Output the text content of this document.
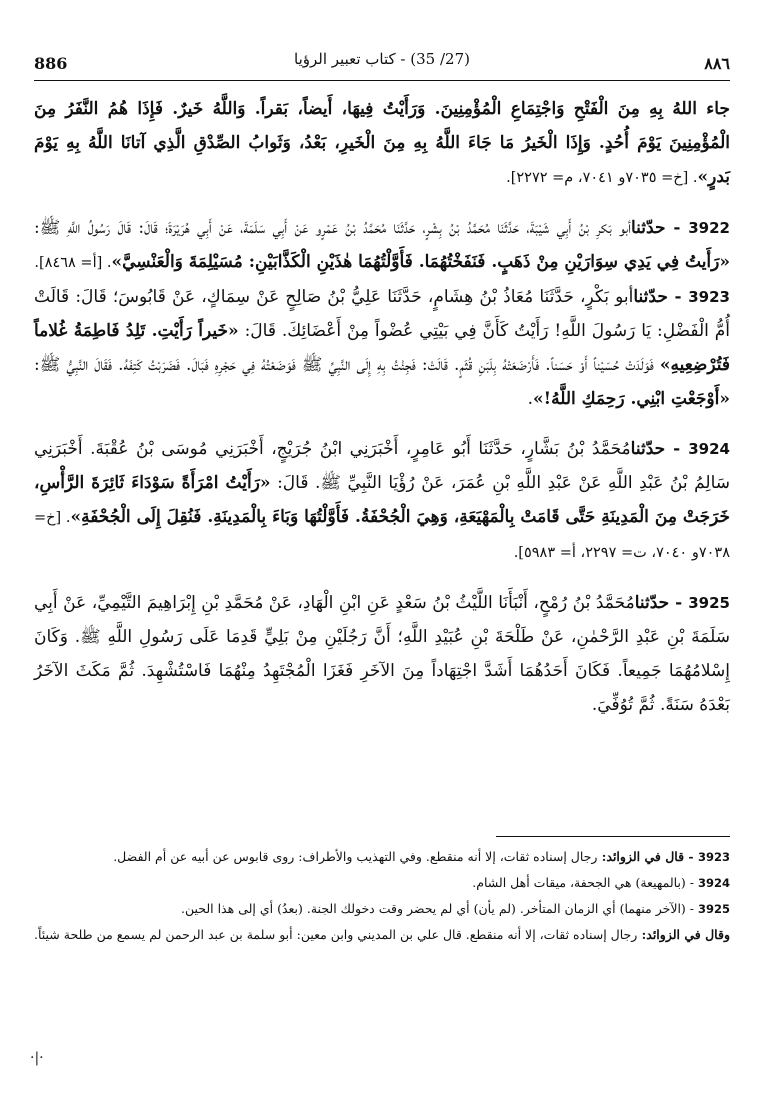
886	(27/ 35) - كتاب تعبير الرؤيا	٨٨٦

جاء اللهُ بِهِ مِنَ الْفَتْحِ وَاجْتِمَاعِ الْمُؤْمِنِينَ. وَرَأَيْتُ فِيهَا، أَيضاً، بَقراً. وَاللَّهُ خَيرٌ. فَإِذَا هُمُ النَّفَرُ مِنَ الْمُؤْمِنِينَ يَوْمَ أُحُدٍ. وَإِذَا الْخَيرُ مَا جَاءَ اللَّهُ بِهِ مِنَ الْخَيرِ، بَعْدُ، وَثَوابُ الصِّدْقِ الَّذِي آتانَا اللَّهُ بِهِ يَوْمَ بَدرٍ». [خ= ٧٠٣٥و ٧٠٤١، م= ٢٢٧٢].

3922 - حدّثناأبو بَكرِ بْنُ أَبِي شَيْبَةَ، حَدَّثَنَا مُحَمَّدُ بْنُ بِشْرٍ، حَدَّثَنَا مُحَمَّدُ بْنُ عَمْرٍو عَنْ أَبِي سَلَمَةَ، عَنْ أَبِي هُرَيْرَةَ؛ قَالَ: قَالَ رَسُولُ اللَّهِ ﷺ: «رَأَيتُ فِي يَدِي سِوَارَيْنِ مِنْ ذَهَبٍ. فَنَفَخْتُهُمَا. فَأَوَّلْتُهُمَا هٰذَيْنِ الْكَذَّابَيْنِ: مُسَيْلِمَةَ وَالْعَنْسِيَّ». [أ= ٨٤٦٨].

3923 - حدّثناأبو بَكْرٍ، حَدَّثَنَا مُعَاذُ بْنُ هِشَامٍ، حَدَّثَنَا عَلِيُّ بْنُ صَالِحٍ عَنْ سِمَاكٍ، عَنْ قَابُوسَ؛ قَالَ: قَالَتْ أُمُّ الْفَضْلِ: يَا رَسُولَ اللَّهِ! رَأَيْتُ كَأَنَّ فِي بَيْتِي عُضْواً مِنْ أَعْضَائِكَ. قَالَ: «خَيراً رَأَيْتِ. تَلِدُ فَاطِمَةُ غُلاماً فَتُرْضِعِيهِ» فَوَلَدَتْ حُسَيْناً أَوْ حَسَناً. فَأَرْضَعَتْهُ بِلَبَنِ قُثَمٍ. قَالَتْ: فَجِئْتُ بِهِ إِلَى النَّبِيِّ ﷺ فَوَضَعْتُهُ فِي حَجْرِهِ فَبَالَ. فَضَرَبْتُ كَتِفَهُ. فَقَالَ النَّبِيُّ ﷺ: «أَوْجَعْتِ ابْنِي. رَحِمَكِ اللَّهُ!».

3924 - حدّثنامُحَمَّدُ بْنُ بَشَّارٍ، حَدَّثَنَا أَبُو عَامِرٍ، أَخْبَرَنِي ابْنُ جُرَيْجٍ، أَخْبَرَنِي مُوسَى بْنُ عُقْبَةَ. أَخْبَرَنِي سَالِمُ بْنُ عَبْدِ اللَّهِ عَنْ عَبْدِ اللَّهِ بْنِ عُمَرَ، عَنْ رُؤْيَا النَّبِيِّ ﷺ. قَالَ: «رَأَيْتُ امْرَأَةً سَوْدَاءَ ثَائِرَةَ الرَّأْسِ، خَرَجَتْ مِنَ الْمَدِينَةِ حَتَّى قَامَتْ بِالْمَهْيَعَةِ، وَهِيَ الْجُحْفَةُ. فَأَوَّلْتُهَا وَبَاءَ بِالْمَدِينَةِ. فَنُقِلَ إِلَى الْجُحْفَةِ». [خ= ٧٠٣٨و ٧٠٤٠، ت= ٢٢٩٧، أ= ٥٩٨٣].

3925 - حدّثنامُحَمَّدُ بْنُ رُمْحٍ، أَنْبَأَنَا اللَّيْثُ بْنُ سَعْدٍ عَنِ ابْنِ الْهَادِ، عَنْ مُحَمَّدِ بْنِ إِبْرَاهِيمَ التَّيْمِيِّ، عَنْ أَبِي سَلَمَةَ بْنِ عَبْدِ الرَّحْمٰنِ، عَنْ طَلْحَةَ بْنِ عُبَيْدِ اللَّهِ؛ أَنَّ رَجُلَيْنِ مِنْ بَلِيٍّ قَدِمَا عَلَى رَسُولِ اللَّهِ ﷺ. وَكَانَ إِسْلامُهُمَا جَمِيعاً. فَكَانَ أَحَدُهُمَا أَشَدَّ اجْتِهَاداً مِنَ الآخَرِ فَغَزَا الْمُجْتَهِدُ مِنْهُمَا فَاسْتُشْهِدَ. ثُمَّ مَكَثَ الآخَرُ بَعْدَهُ سَنَةً. ثُمَّ تُوُفِّيَ.

3923 - قال في الزوائد: رجال إسناده ثقات، إلا أنه منقطع. وفي التهذيب والأطراف: روى قابوس عن أبيه عن أم الفضل.

3924 - (بالمهيعة) هي الجحفة، ميقات أهل الشام.

3925 - (الآخر منهما) أي الزمان المتأخر. (لم يأن) أي لم يحضر وقت دخولك الجنة. (بعدُ) أي إلى هذا الحين.

وقال في الزوائد: رجال إسناده ثقات، إلا أنه منقطع. قال علي بن المديني وابن معين: أبو سلمة بن عبد الرحمن لم يسمع من طلحة شيئاً.

·|·
